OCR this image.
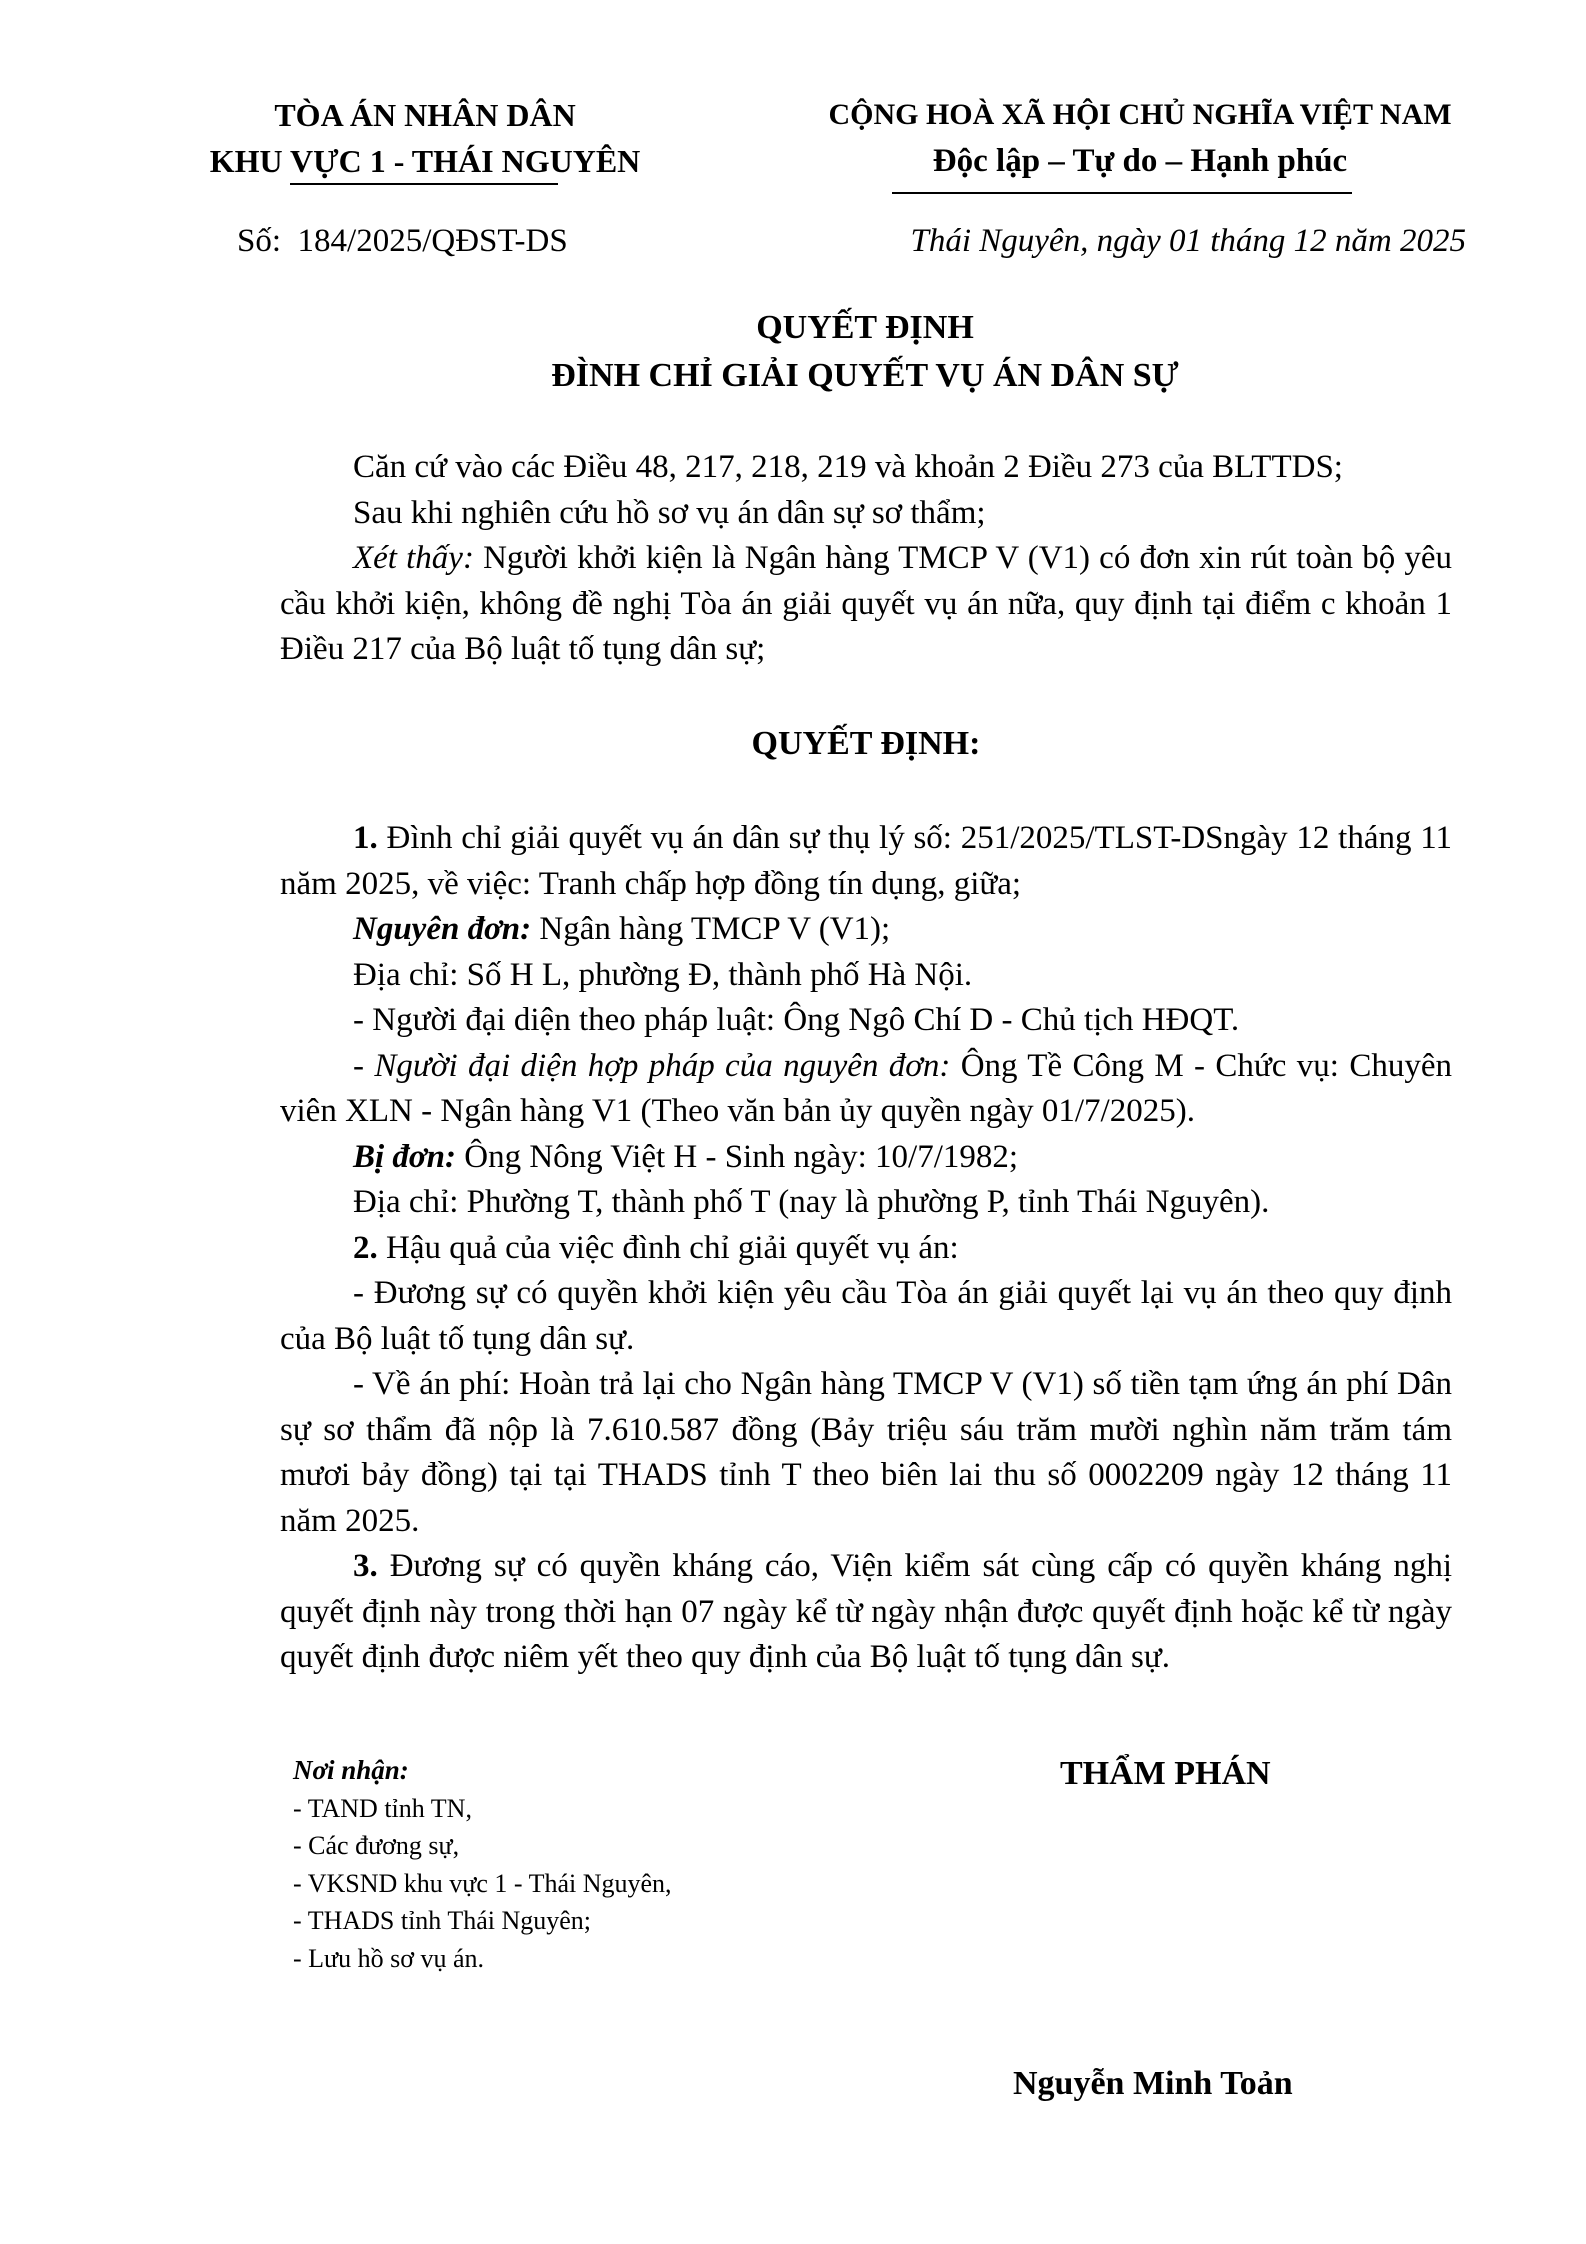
TÒA ÁN NHÂN DÂN
KHU VỰC 1 - THÁI NGUYÊN
CỘNG HOÀ XÃ HỘI CHỦ NGHĨA VIỆT NAM
Độc lập – Tự do – Hạnh phúc
Số:  184/2025/QĐST-DS	Thái Nguyên, ngày 01 tháng 12 năm 2025
QUYẾT ĐỊNH
ĐÌNH CHỈ GIẢI QUYẾT VỤ ÁN DÂN SỰ

Căn cứ vào các Điều 48, 217, 218, 219 và khoản 2 Điều 273 của BLTTDS;

Sau khi nghiên cứu hồ sơ vụ án dân sự sơ thẩm;

Xét thấy: Người khởi kiện là Ngân hàng TMCP V (V1) có đơn xin rút toàn bộ yêu cầu khởi kiện, không đề nghị Tòa án giải quyết vụ án nữa, quy định tại điểm c khoản 1 Điều 217 của Bộ luật tố tụng dân sự;

QUYẾT ĐỊNH:

1. Đình chỉ giải quyết vụ án dân sự thụ lý số: 251/2025/TLST-DSngày 12 tháng 11 năm 2025, về việc: Tranh chấp hợp đồng tín dụng, giữa;

Nguyên đơn: Ngân hàng TMCP V (V1);

Địa chỉ: Số H L, phường Đ, thành phố Hà Nội.

- Người đại diện theo pháp luật: Ông Ngô Chí D - Chủ tịch HĐQT.

- Người đại diện hợp pháp của nguyên đơn: Ông Tề Công M - Chức vụ: Chuyên viên XLN - Ngân hàng V1 (Theo văn bản ủy quyền ngày 01/7/2025).

Bị đơn: Ông Nông Việt H - Sinh ngày: 10/7/1982;

Địa chỉ: Phường T, thành phố T (nay là phường P, tỉnh Thái Nguyên).

2. Hậu quả của việc đình chỉ giải quyết vụ án:

- Đương sự có quyền khởi kiện yêu cầu Tòa án giải quyết lại vụ án theo quy định của Bộ luật tố tụng dân sự.

- Về án phí: Hoàn trả lại cho Ngân hàng TMCP V (V1) số tiền tạm ứng án phí Dân sự sơ thẩm đã nộp là 7.610.587 đồng (Bảy triệu sáu trăm mười nghìn năm trăm tám mươi bảy đồng) tại tại THADS tỉnh T theo biên lai thu số 0002209 ngày 12 tháng 11 năm 2025.

3. Đương sự có quyền kháng cáo, Viện kiểm sát cùng cấp có quyền kháng nghị quyết định này trong thời hạn 07 ngày kể từ ngày nhận được quyết định hoặc kể từ ngày quyết định được niêm yết theo quy định của Bộ luật tố tụng dân sự.

Nơi nhận:
- TAND tỉnh TN,
- Các đương sự,
- VKSND khu vực 1 - Thái Nguyên,
- THADS tỉnh Thái Nguyên;
- Lưu hồ sơ vụ án.
THẨM PHÁN
Nguyễn Minh Toản
